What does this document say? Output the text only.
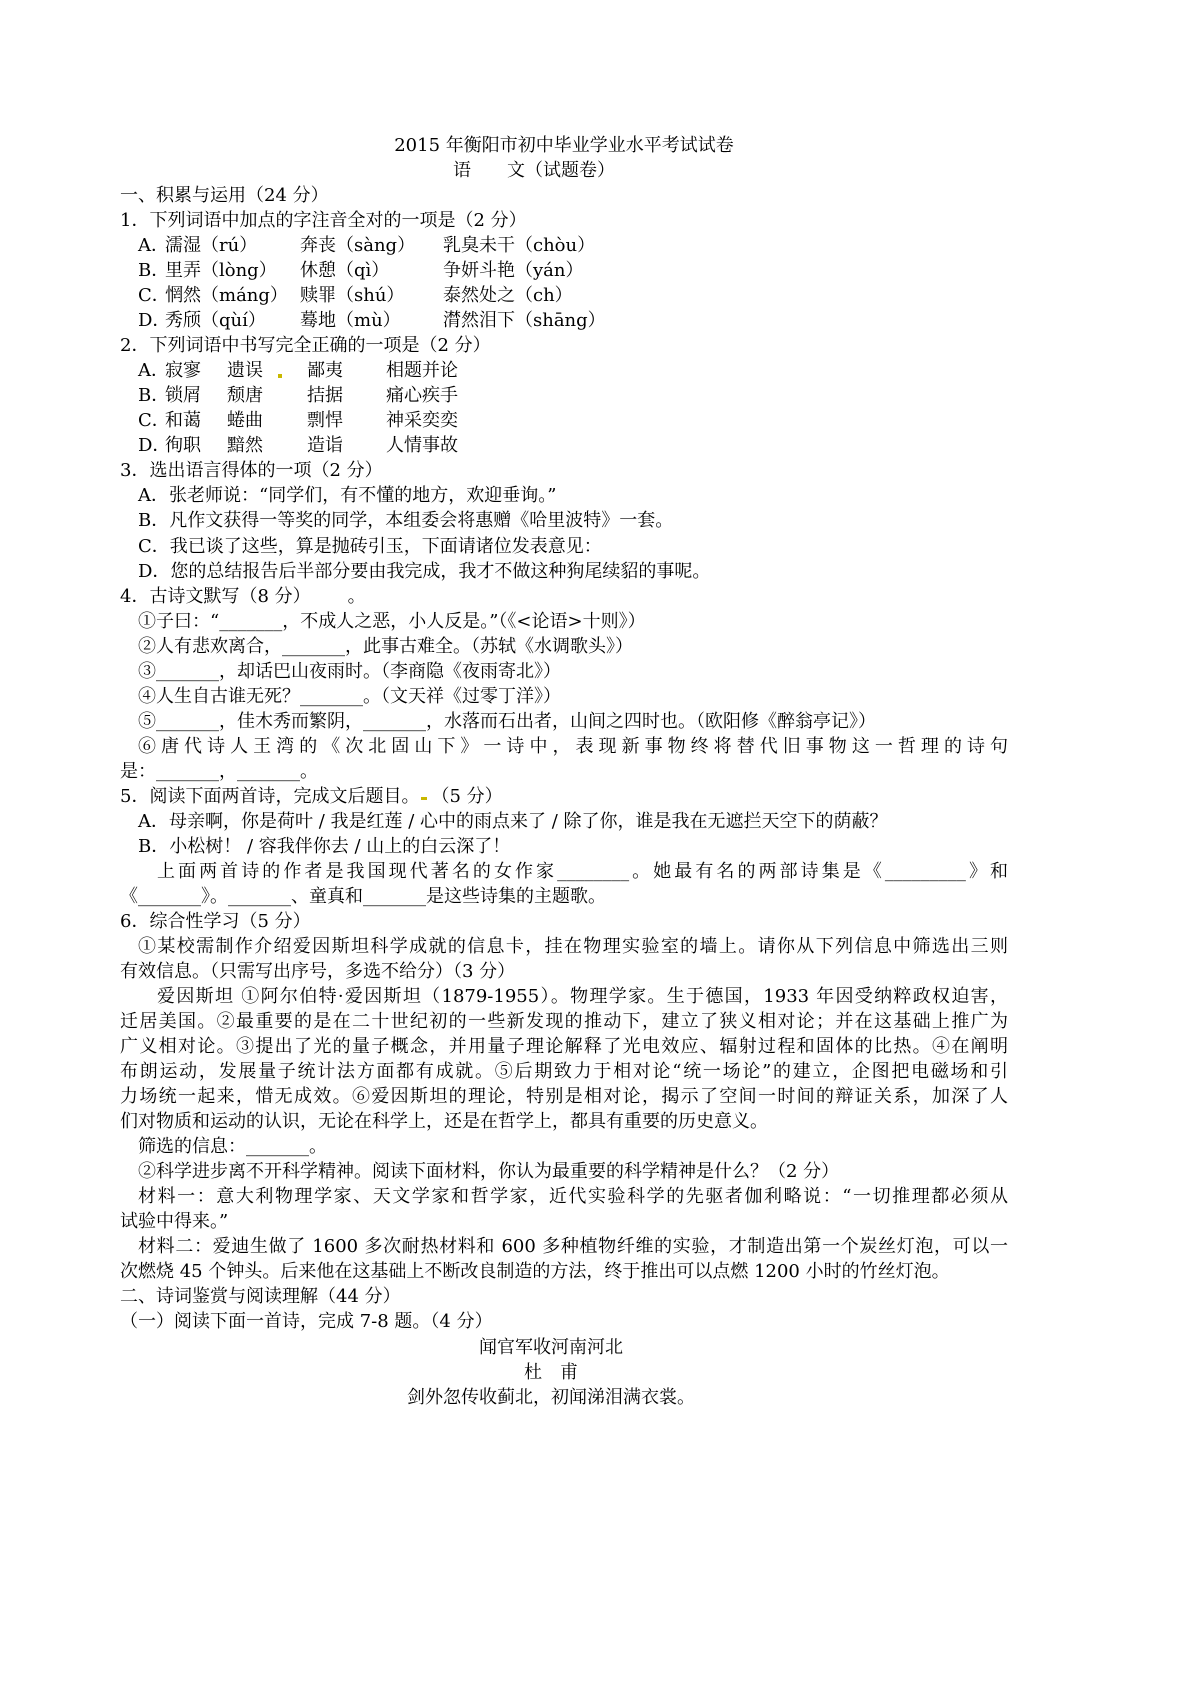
2015 年衡阳市初中毕业学业水平考试试卷
语　　文（试题卷）
一、积累与运用（24 分）
1．下列词语中加点的字注音全对的一项是（2 分）
A．濡湿（rú） 奔丧（sàng） 乳臭未干（chòu）
B．里弄（lòng） 休憩（qì）	争妍斗艳（yán）
C．惘然（máng） 赎罪（shú） 泰然处之（ch）
D．秀颀（qùí） 蓦地（mù） 潸然泪下（shāng）
2．下列词语中书写完全正确的一项是（2 分）
A．寂寥 遗误 鄙夷 相题并论
B．锁屑 颓唐 拮据 痛心疾手
C．和蔼 蜷曲 剽悍 神采奕奕
D．徇职 黯然 造诣 人情事故
3．选出语言得体的一项（2 分）
A．张老师说：“同学们，有不懂的地方，欢迎垂询。”
B．凡作文获得一等奖的同学，本组委会将惠赠《哈里波特》一套。
C．我已谈了这些，算是抛砖引玉，下面请诸位发表意见：
D．您的总结报告后半部分要由我完成，我才不做这种狗尾续貂的事呢。
4．古诗文默写（8 分）	。
①子曰：“_______，不成人之恶，小人反是。”（《<论语>十则》）
②人有悲欢离合，_______，此事古难全。（苏轼《水调歌头》）
③_______，却话巴山夜雨时。（李商隐《夜雨寄北》）
④人生自古谁无死？_______。（文天祥《过零丁洋》）
⑤_______，佳木秀而繁阴，_______，水落而石出者，山间之四时也。（欧阳修《醉翁亭记》）
⑥唐代诗人王湾的《次北固山下》一诗中，表现新事物终将替代旧事物这一哲理的诗句
是：_______，_______。
5．阅读下面两首诗，完成文后题目。 （5 分）
A．母亲啊，你是荷叶 / 我是红莲 / 心中的雨点来了 / 除了你，谁是我在无遮拦天空下的荫蔽？
B．小松树！ / 容我伴你去 / 山上的白云深了！
上面两首诗的作者是我国现代著名的女作家________。她最有名的两部诗集是《_________》和
《_______》。_______、童真和_______是这些诗集的主题歌。
6．综合性学习（5 分）
①某校需制作介绍爱因斯坦科学成就的信息卡，挂在物理实验室的墙上。请你从下列信息中筛选出三则
有效信息。（只需写出序号，多选不给分）（3 分）
爱因斯坦 ①阿尔伯特·爱因斯坦（1879-1955）。物理学家。生于德国，1933 年因受纳粹政权迫害，
迁居美国。②最重要的是在二十世纪初的一些新发现的推动下，建立了狭义相对论；并在这基础上推广为
广义相对论。③提出了光的量子概念，并用量子理论解释了光电效应、辐射过程和固体的比热。④在阐明
布朗运动，发展量子统计法方面都有成就。⑤后期致力于相对论“统一场论”的建立，企图把电磁场和引
力场统一起来，惜无成效。⑥爱因斯坦的理论，特别是相对论，揭示了空间一时间的辩证关系，加深了人
们对物质和运动的认识，无论在科学上，还是在哲学上，都具有重要的历史意义。
筛选的信息：_______。
②科学进步离不开科学精神。阅读下面材料，你认为最重要的科学精神是什么？（2 分）
材料一：意大利物理学家、天文学家和哲学家，近代实验科学的先驱者伽利略说：“一切推理都必须从
试验中得来。”
材料二：爱迪生做了 1600 多次耐热材料和 600 多种植物纤维的实验，才制造出第一个炭丝灯泡，可以一
次燃烧 45 个钟头。后来他在这基础上不断改良制造的方法，终于推出可以点燃 1200 小时的竹丝灯泡。
二、诗词鉴赏与阅读理解（44 分）
（一）阅读下面一首诗，完成 7-8 题。（4 分）
闻官军收河南河北
杜　甫
剑外忽传收蓟北，初闻涕泪满衣裳。
